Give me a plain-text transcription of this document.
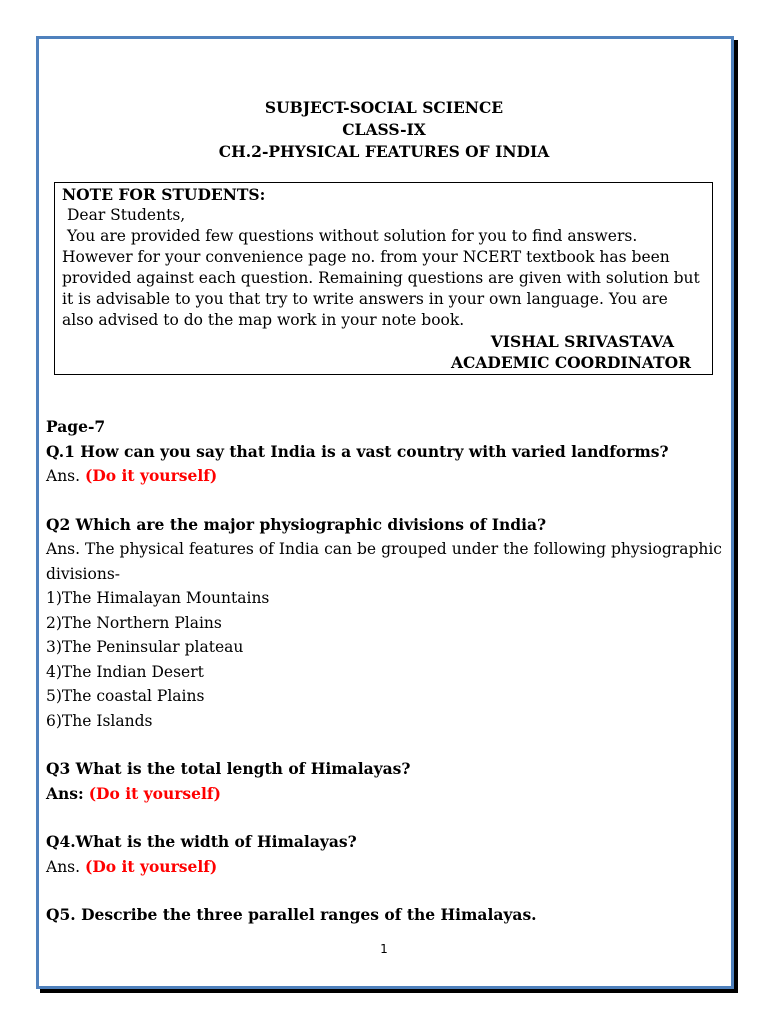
SUBJECT-SOCIAL SCIENCE
CLASS-IX
CH.2-PHYSICAL FEATURES OF INDIA
NOTE FOR STUDENTS:
Dear Students,

You are provided few questions without solution for you to find answers. However for your convenience page no. from your NCERT textbook has been provided against each question. Remaining questions are given with solution but it is advisable to you that try to write answers in your own language. You are also advised to do the map work in your note book.

VISHAL SRIVASTAVA
ACADEMIC COORDINATOR
Page-7
Q.1 How can you say that India is a vast country with varied landforms?
Ans. (Do it yourself)
Q2 Which are the major physiographic divisions of India?
Ans. The physical features of India can be grouped under the following physiographic divisions-
1)The Himalayan Mountains
2)The Northern Plains
3)The Peninsular plateau
4)The Indian Desert
5)The coastal Plains
6)The Islands
Q3 What is the total length of Himalayas?
Ans: (Do it yourself)
Q4.What is the width of Himalayas?
Ans. (Do it yourself)
Q5. Describe the three parallel ranges of the Himalayas.
1
